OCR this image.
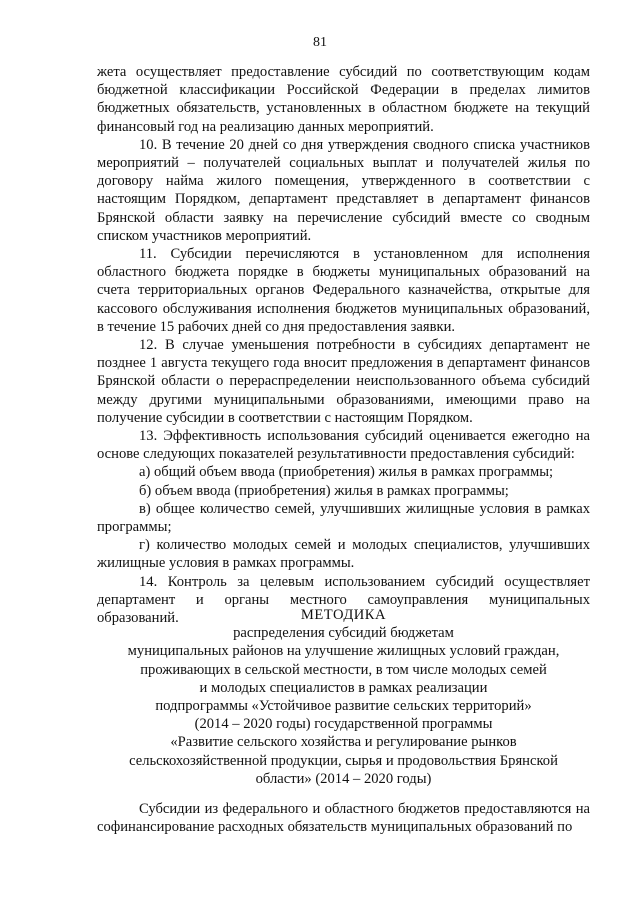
81

жета осуществляет предоставление субсидий по соответствующим кодам бюджетной классификации Российской Федерации в пределах лимитов бюджетных обязательств, установленных в областном бюджете на текущий финансовый год на реализацию данных мероприятий.

10. В течение 20 дней со дня утверждения сводного списка участников мероприятий – получателей социальных выплат и получателей жилья по договору найма жилого помещения, утвержденного в соответствии с настоящим Порядком, департамент представляет в департамент финансов Брянской области заявку на перечисление субсидий вместе со сводным списком участников мероприятий.

11. Субсидии перечисляются в установленном для исполнения областного бюджета порядке в бюджеты муниципальных образований на счета территориальных органов Федерального казначейства, открытые для кассового обслуживания исполнения бюджетов муниципальных образований, в течение 15 рабочих дней со дня предоставления заявки.

12. В случае уменьшения потребности в субсидиях департамент не позднее 1 августа текущего года вносит предложения в департамент финансов Брянской области о перераспределении неиспользованного объема субсидий между другими муниципальными образованиями, имеющими право на получение субсидии в соответствии с настоящим Порядком.

13. Эффективность использования субсидий оценивается ежегодно на основе следующих показателей результативности предоставления субсидий:

а) общий объем ввода (приобретения) жилья в рамках программы;

б) объем ввода (приобретения) жилья в рамках программы;

в) общее количество семей, улучшивших жилищные условия в рамках программы;

г) количество молодых семей и молодых специалистов, улучшивших жилищные условия в рамках программы.

14. Контроль за целевым использованием субсидий осуществляет департамент и органы местного самоуправления муниципальных образований.	МЕТОДИКА
распределения субсидий бюджетам
муниципальных районов на улучшение жилищных условий граждан,
проживающих в сельской местности, в том числе молодых семей
и молодых специалистов в рамках реализации
подпрограммы «Устойчивое развитие сельских территорий»
(2014 – 2020 годы) государственной программы
«Развитие сельского хозяйства и регулирование рынков
сельскохозяйственной продукции, сырья и продовольствия Брянской
области» (2014 – 2020 годы)

Субсидии из федерального и областного бюджетов предоставляются на софинансирование расходных обязательств муниципальных образований по
